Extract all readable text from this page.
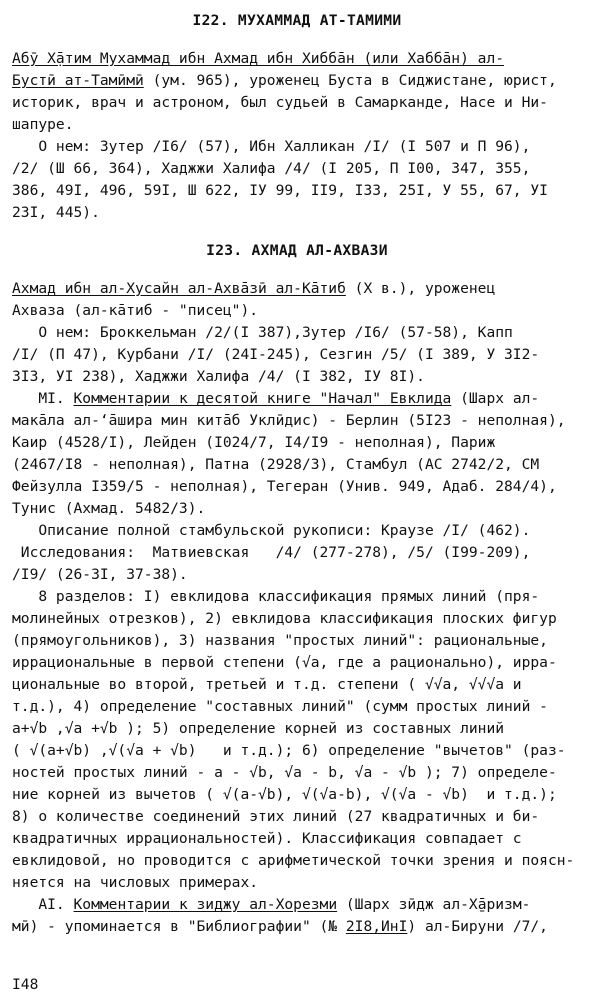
I22. МУХАММАД АТ-ТАМИМИ
Абӯ Х̣āтим Мухаммад ибн Ахмад ибн Хиббāн (или Хаббāн) ал-
Бустӣ ат-Тамӣмӣ (ум. 965), уроженец Буста в Сиджистане, юрист,
историк, врач и астроном, был судьей в Самарканде, Насе и Ни-
шапуре.
О нем: Зутер /I6/ (57), Ибн Халликан /I/ (I 507 и П 96),
/2/ (Ш 66, 364), Хаджжи Халифа /4/ (I 205, П I00, 347, 355,
386, 49I, 496, 59I, Ш 622, IУ 99, II9, I33, 25I, У 55, 67, УI
23I, 445).
I23. АХМАД АЛ-АХВАЗИ
Ахмад ибн ал-Хусайн ал-Ахвāзӣ ал-Кāтиб (Х в.), уроженец
Ахваза (ал-кāтиб - "писец").
О нем: Броккельман /2/(I 387),Зутер /I6/ (57-58), Капп
/I/ (П 47), Курбани /I/ (24I-245), Сезгин /5/ (I 389, У 3I2-
3I3, УI 238), Хаджжи Халифа /4/ (I 382, IУ 8I).
МI. Комментарии к десятой книге "Начал" Евклида (Шарх ал-
макāла ал-‘āшира мин китāб Уклӣдис) - Берлин (5I23 - неполная),
Каир (4528/I), Лейден (I024/7, I4/I9 - неполная), Париж
(2467/I8 - неполная), Патна (2928/3), Стамбул (АС 2742/2, СМ
Фейзулла I359/5 - неполная), Тегеран (Унив. 949, Адаб. 284/4),
Тунис (Ахмад. 5482/3).
Описание полной стамбульской рукописи: Краузе /I/ (462).
Исследования:  Матвиевская   /4/ (277-278), /5/ (I99-209),
/I9/ (26-3I, 37-38).
8 разделов: I) евклидова классификация прямых линий (пря-
молинейных отрезков), 2) евклидова классификация плоских фигур
(прямоугольников), 3) названия "простых линий": рациональные,
иррациональные в первой степени (√a, где а рационально), ирра-
циональные во второй, третьей и т.д. степени ( √√a, √√√a и
т.д.), 4) определение "составных линий" (сумм простых линий -
a+√b ,√a +√b ); 5) определение корней из составных линий
( √(a+√b) ,√(√a + √b)   и т.д.); 6) определение "вычетов" (раз-
ностей простых линий - a - √b, √a - b, √a - √b ); 7) определе-
ние корней из вычетов ( √(a-√b), √(√a-b), √(√a - √b)  и т.д.);
8) о количестве соединений этих линий (27 квадратичных и би-
квадратичных иррациональностей). Классификация совпадает с
евклидовой, но проводится с арифметической точки зрения и поясн-
няется на числовых примерах.
АI. Комментарии к зиджу ал-Хорезми (Шарх зӣдж ал-Х̱āризм-
мӣ) - упоминается в "Библиографии" (№ 2I8,ИнI) ал-Бируни /7/,
I48
